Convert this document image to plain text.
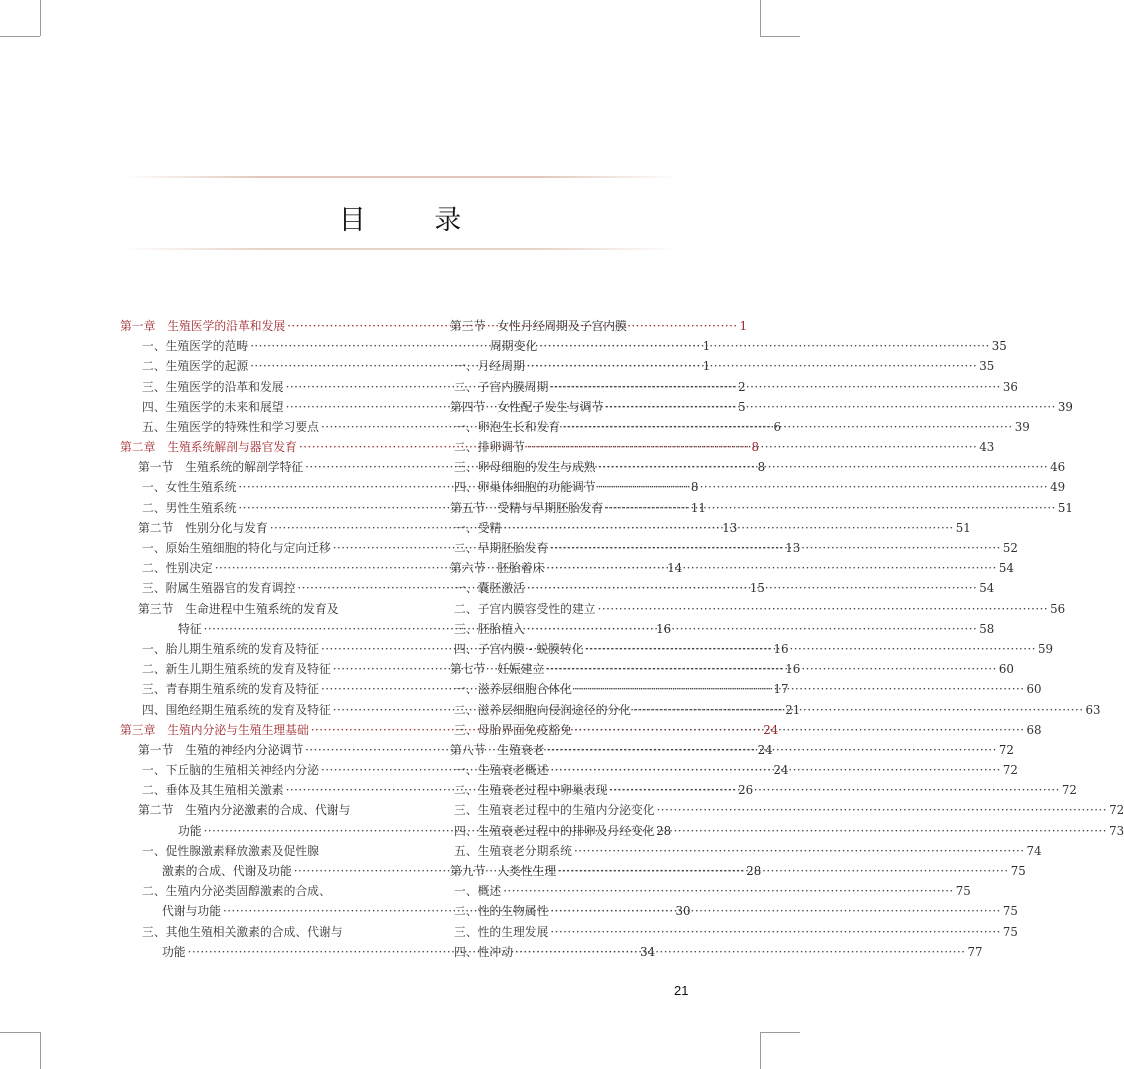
目 录
第一章　生殖医学的沿革和发展 ·····	1
一、生殖医学的范畴 ·····	1
二、生殖医学的起源 ·····	1
三、生殖医学的沿革和发展 ·····	2
四、生殖医学的未来和展望 ·····	5
五、生殖医学的特殊性和学习要点 ·····	6
第二章　生殖系统解剖与器官发育 ·····	8
第一节　生殖系统的解剖学特征 ·····	8
一、女性生殖系统 ·····	8
二、男性生殖系统 ·····	11
第二节　性别分化与发育 ·····	13
一、原始生殖细胞的特化与定向迁移 ·····	13
二、性别决定 ·····	14
三、附属生殖器官的发育调控 ·····	15
第三节　生命进程中生殖系统的发育及
特征 ·····	16
一、胎儿期生殖系统的发育及特征 ·····	16
二、新生儿期生殖系统的发育及特征 ·····	16
三、青春期生殖系统的发育及特征 ·····	17
四、围绝经期生殖系统的发育及特征 ·····	21
第三章　生殖内分泌与生殖生理基础 ·····	24
第一节　生殖的神经内分泌调节 ·····	24
一、下丘脑的生殖相关神经内分泌 ·····	24
二、垂体及其生殖相关激素 ·····	26
第二节　生殖内分泌激素的合成、代谢与
功能 ·····	28
一、促性腺激素释放激素及促性腺
激素的合成、代谢及功能 ·····	28
二、生殖内分泌类固醇激素的合成、
代谢与功能 ·····	30
三、其他生殖相关激素的合成、代谢与
功能 ·····	34
第三节　女性月经周期及子宫内膜
周期变化 ·····	35
一、月经周期 ·····	35
二、子宫内膜周期 ·····	36
第四节　女性配子发生与调节 ·····	39
一、卵泡生长和发育 ·····	39
二、排卵调节 ·····	43
三、卵母细胞的发生与成熟 ·····	46
四、卵巢体细胞的功能调节 ·····	49
第五节　受精与早期胚胎发育 ·····	51
一、受精 ·····	51
二、早期胚胎发育 ·····	52
第六节　胚胎着床 ·····	54
一、囊胚激活 ·····	54
二、子宫内膜容受性的建立 ·····	56
三、胚胎植入 ·····	58
四、子宫内膜 - 蜕膜转化 ·····	59
第七节　妊娠建立 ·····	60
一、滋养层细胞合体化 ·····	60
二、滋养层细胞向侵润途径的分化 ·····	63
三、母胎界面免疫豁免 ·····	68
第八节　生殖衰老 ·····	72
一、生殖衰老概述 ·····	72
二、生殖衰老过程中卵巢表现 ·····	72
三、生殖衰老过程中的生殖内分泌变化 ·····	72
四、生殖衰老过程中的排卵及月经变化 ·····	73
五、生殖衰老分期系统 ·····	74
第九节　人类性生理 ·····	75
一、概述 ·····	75
二、性的生物属性 ·····	75
三、性的生理发展 ·····	75
四、性冲动 ·····	77
21
